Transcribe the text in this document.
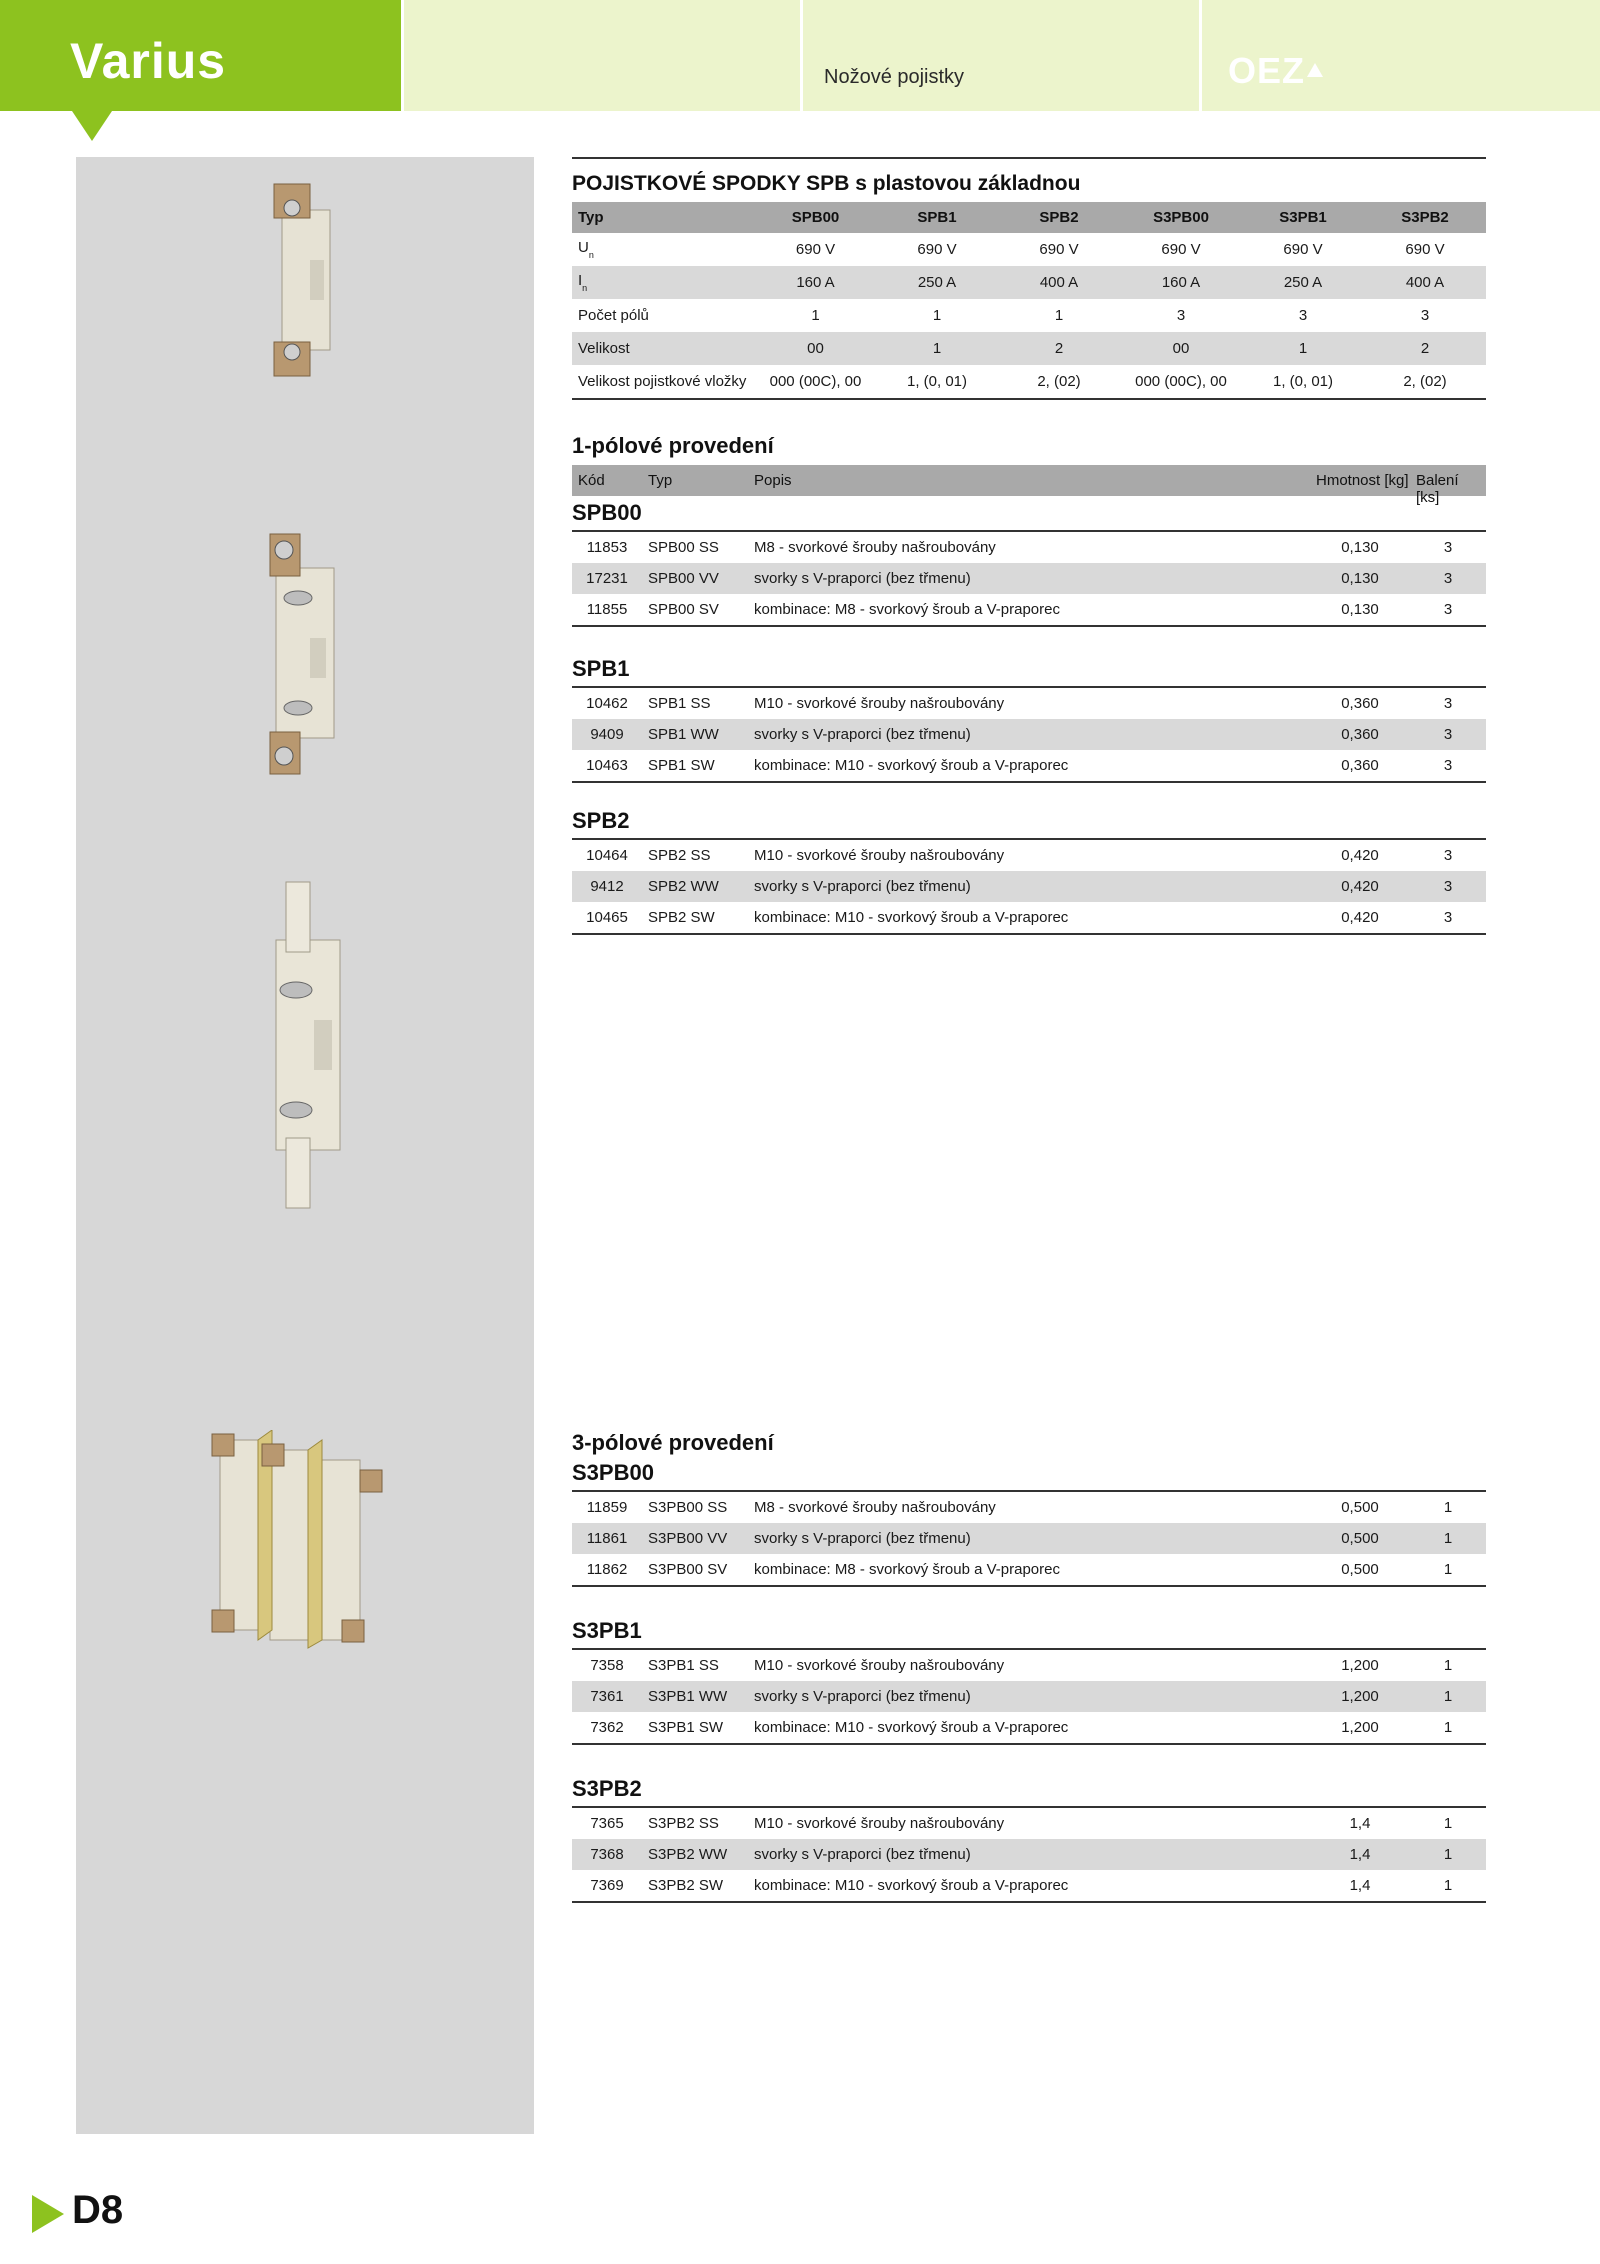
Varius	Nožové pojistky	OEZ
POJISTKOVÉ SPODKY SPB s plastovou základnou
Typ	SPB00	SPB1	SPB2	S3PB00	S3PB1	S3PB2
$U_n$	690 V	690 V	690 V	690 V	690 V	690 V
$I_n$	160 A	250 A	400 A	160 A	250 A	400 A
Počet pólů	1	1	1	3	3	3
Velikost	00	1	2	00	1	2
Velikost pojistkové vložky	000 (00C), 00	1, (0, 01)	2, (02)	000 (00C), 00	1, (0, 01)	2, (02)
1-pólové provedení
Kód	Typ	Popis	Hmotnost [kg] Balení [ks]
SPB00
11853	SPB00 SS	M8 - svorkové šrouby našroubovány	0,130	3
17231	SPB00 VV	svorky s V-praporci (bez třmenu)	0,130	3
11855	SPB00 SV	kombinace: M8 - svorkový šroub a V-praporec	0,130	3
SPB1
10462	SPB1 SS	M10 - svorkové šrouby našroubovány	0,360	3
9409	SPB1 WW	svorky s V-praporci (bez třmenu)	0,360	3
10463	SPB1 SW	kombinace: M10 - svorkový šroub a V-praporec	0,360	3
SPB2
10464	SPB2 SS	M10 - svorkové šrouby našroubovány	0,420	3
9412	SPB2 WW	svorky s V-praporci (bez třmenu)	0,420	3
10465	SPB2 SW	kombinace: M10 - svorkový šroub a V-praporec	0,420	3
3-pólové provedení
S3PB00
11859	S3PB00 SS	M8 - svorkové šrouby našroubovány	0,500	1
11861	S3PB00 VV	svorky s V-praporci (bez třmenu)	0,500	1
11862	S3PB00 SV	kombinace: M8 - svorkový šroub a V-praporec	0,500	1
S3PB1
7358	S3PB1 SS	M10 - svorkové šrouby našroubovány	1,200	1
7361	S3PB1 WW	svorky s V-praporci (bez třmenu)	1,200	1
7362	S3PB1 SW	kombinace: M10 - svorkový šroub a V-praporec	1,200	1
S3PB2
7365	S3PB2 SS	M10 - svorkové šrouby našroubovány	1,4	1
7368	S3PB2 WW	svorky s V-praporci (bez třmenu)	1,4	1
7369	S3PB2 SW	kombinace: M10 - svorkový šroub a V-praporec	1,4	1
D8
